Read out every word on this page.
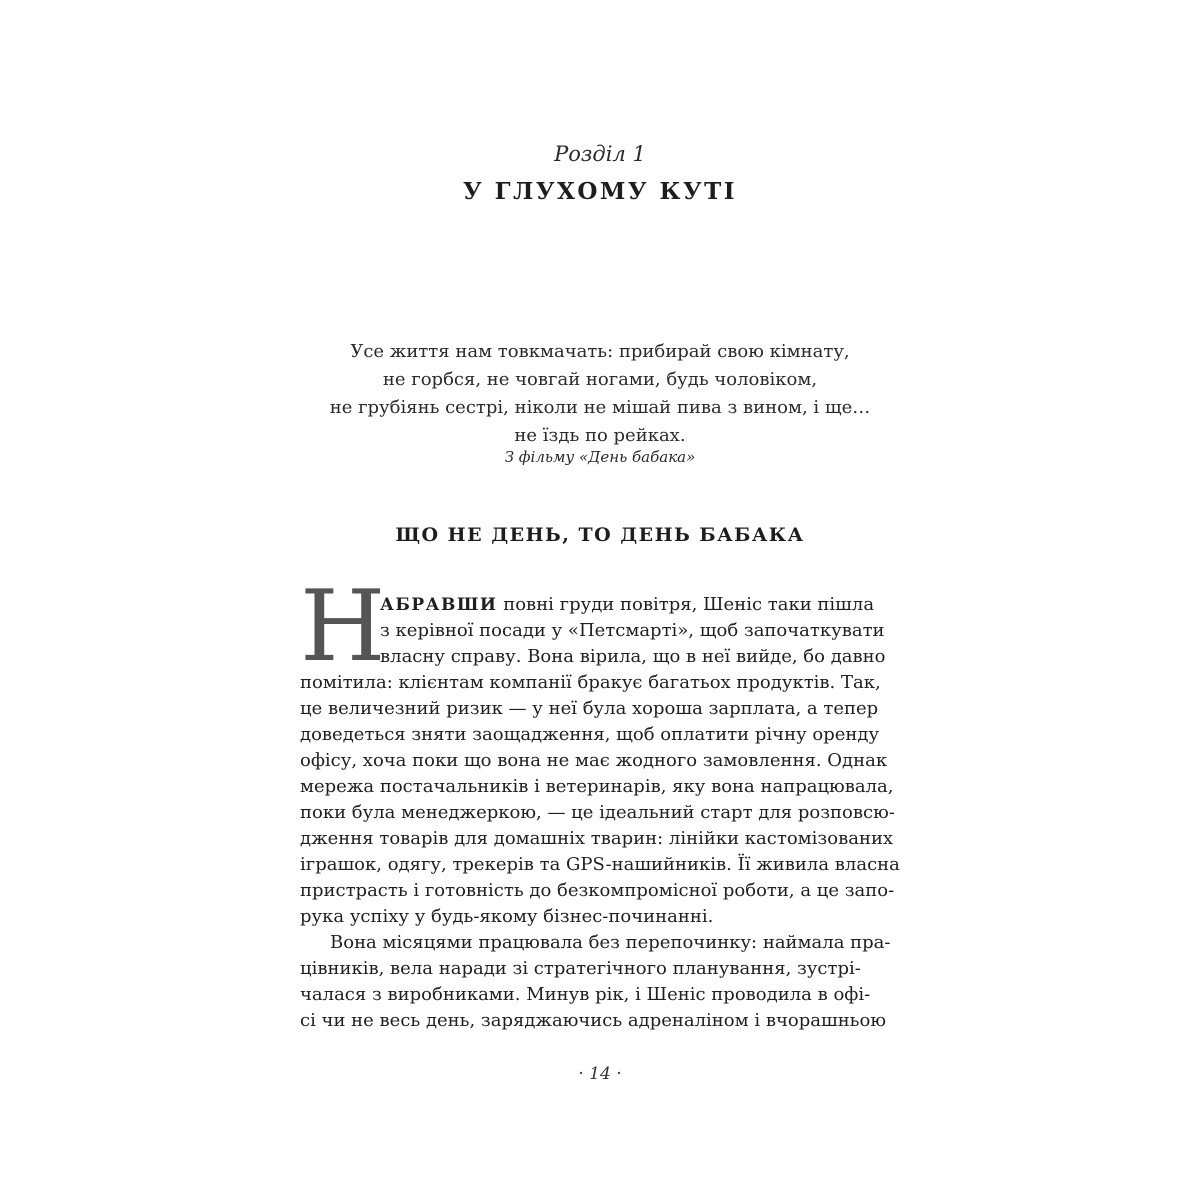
Розділ 1
У ГЛУХОМУ КУТІ
Усе життя нам товкмачать: прибирай свою кімнату,
не горбся, не човгай ногами, будь чоловіком,
не грубіянь сестрі, ніколи не мішай пива з вином, і ще…
не їздь по рейках.
З фільму «День бабака»
ЩО НЕ ДЕНЬ, ТО ДЕНЬ БАБАКА
Н
АБРАВШИ повні груди повітря, Шеніс таки пішла
з керівної посади у «Петсмарті», щоб започаткувати
власну справу. Вона вірила, що в неї вийде, бо давно
помітила: клієнтам компанії бракує багатьох продуктів. Так,
це величезний ризик — у неї була хороша зарплата, а тепер
доведеться зняти заощадження, щоб оплатити річну оренду
офісу, хоча поки що вона не має жодного замовлення. Однак
мережа постачальників і ветеринарів, яку вона напрацювала,
поки була менеджеркою, — це ідеальний старт для розповсю-
дження товарів для домашніх тварин: лінійки кастомізованих
іграшок, одягу, трекерів та GPS-нашийників. Її живила власна
пристрасть і готовність до безкомпромісної роботи, а це запо-
рука успіху у будь-якому бізнес-починанні.
Вона місяцями працювала без перепочинку: наймала пра-
цівників, вела наради зі стратегічного планування, зустрі-
чалася з виробниками. Минув рік, і Шеніс проводила в офі-
сі чи не весь день, заряджаючись адреналіном і вчорашньою
· 14 ·
